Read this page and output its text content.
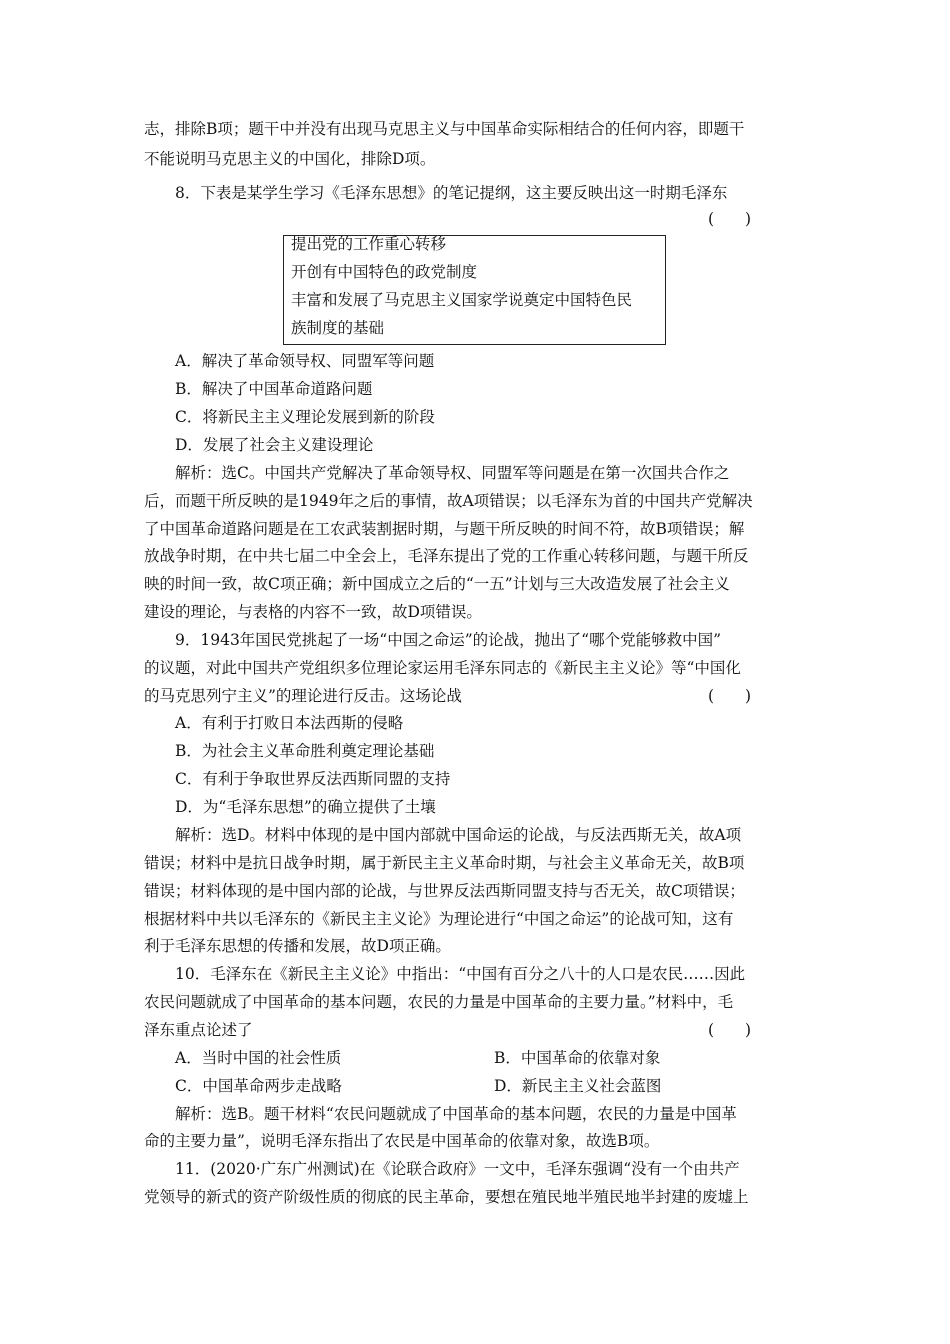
志，排除B项；题干中并没有出现马克思主义与中国革命实际相结合的任何内容，即题干
不能说明马克思主义的中国化，排除D项。
8．下表是某学生学习《毛泽东思想》的笔记提纲，这主要反映出这一时期毛泽东
(　　)
提出党的工作重心转移
开创有中国特色的政党制度
丰富和发展了马克思主义国家学说奠定中国特色民
族制度的基础
A．解决了革命领导权、同盟军等问题
B．解决了中国革命道路问题
C．将新民主主义理论发展到新的阶段
D．发展了社会主义建设理论
解析：选C。中国共产党解决了革命领导权、同盟军等问题是在第一次国共合作之
后，而题干所反映的是1949年之后的事情，故A项错误；以毛泽东为首的中国共产党解决
了中国革命道路问题是在工农武装割据时期，与题干所反映的时间不符，故B项错误；解
放战争时期，在中共七届二中全会上，毛泽东提出了党的工作重心转移问题，与题干所反
映的时间一致，故C项正确；新中国成立之后的“一五”计划与三大改造发展了社会主义
建设的理论，与表格的内容不一致，故D项错误。
9．1943年国民党挑起了一场“中国之命运”的论战，抛出了“哪个党能够救中国”
的议题，对此中国共产党组织多位理论家运用毛泽东同志的《新民主主义论》等“中国化
的马克思列宁主义”的理论进行反击。这场论战	(　　)
A．有利于打败日本法西斯的侵略
B．为社会主义革命胜利奠定理论基础
C．有利于争取世界反法西斯同盟的支持
D．为“毛泽东思想”的确立提供了土壤
解析：选D。材料中体现的是中国内部就中国命运的论战，与反法西斯无关，故A项
错误；材料中是抗日战争时期，属于新民主主义革命时期，与社会主义革命无关，故B项
错误；材料体现的是中国内部的论战，与世界反法西斯同盟支持与否无关，故C项错误；
根据材料中共以毛泽东的《新民主主义论》为理论进行“中国之命运”的论战可知，这有
利于毛泽东思想的传播和发展，故D项正确。
10．毛泽东在《新民主主义论》中指出：“中国有百分之八十的人口是农民……因此
农民问题就成了中国革命的基本问题，农民的力量是中国革命的主要力量。”材料中，毛
泽东重点论述了	(　　)
A．当时中国的社会性质	B．中国革命的依靠对象
C．中国革命两步走战略	D．新民主主义社会蓝图
解析：选B。题干材料“农民问题就成了中国革命的基本问题，农民的力量是中国革
命的主要力量”，说明毛泽东指出了农民是中国革命的依靠对象，故选B项。
11．(2020·广东广州测试)在《论联合政府》一文中，毛泽东强调“没有一个由共产
党领导的新式的资产阶级性质的彻底的民主革命，要想在殖民地半殖民地半封建的废墟上
